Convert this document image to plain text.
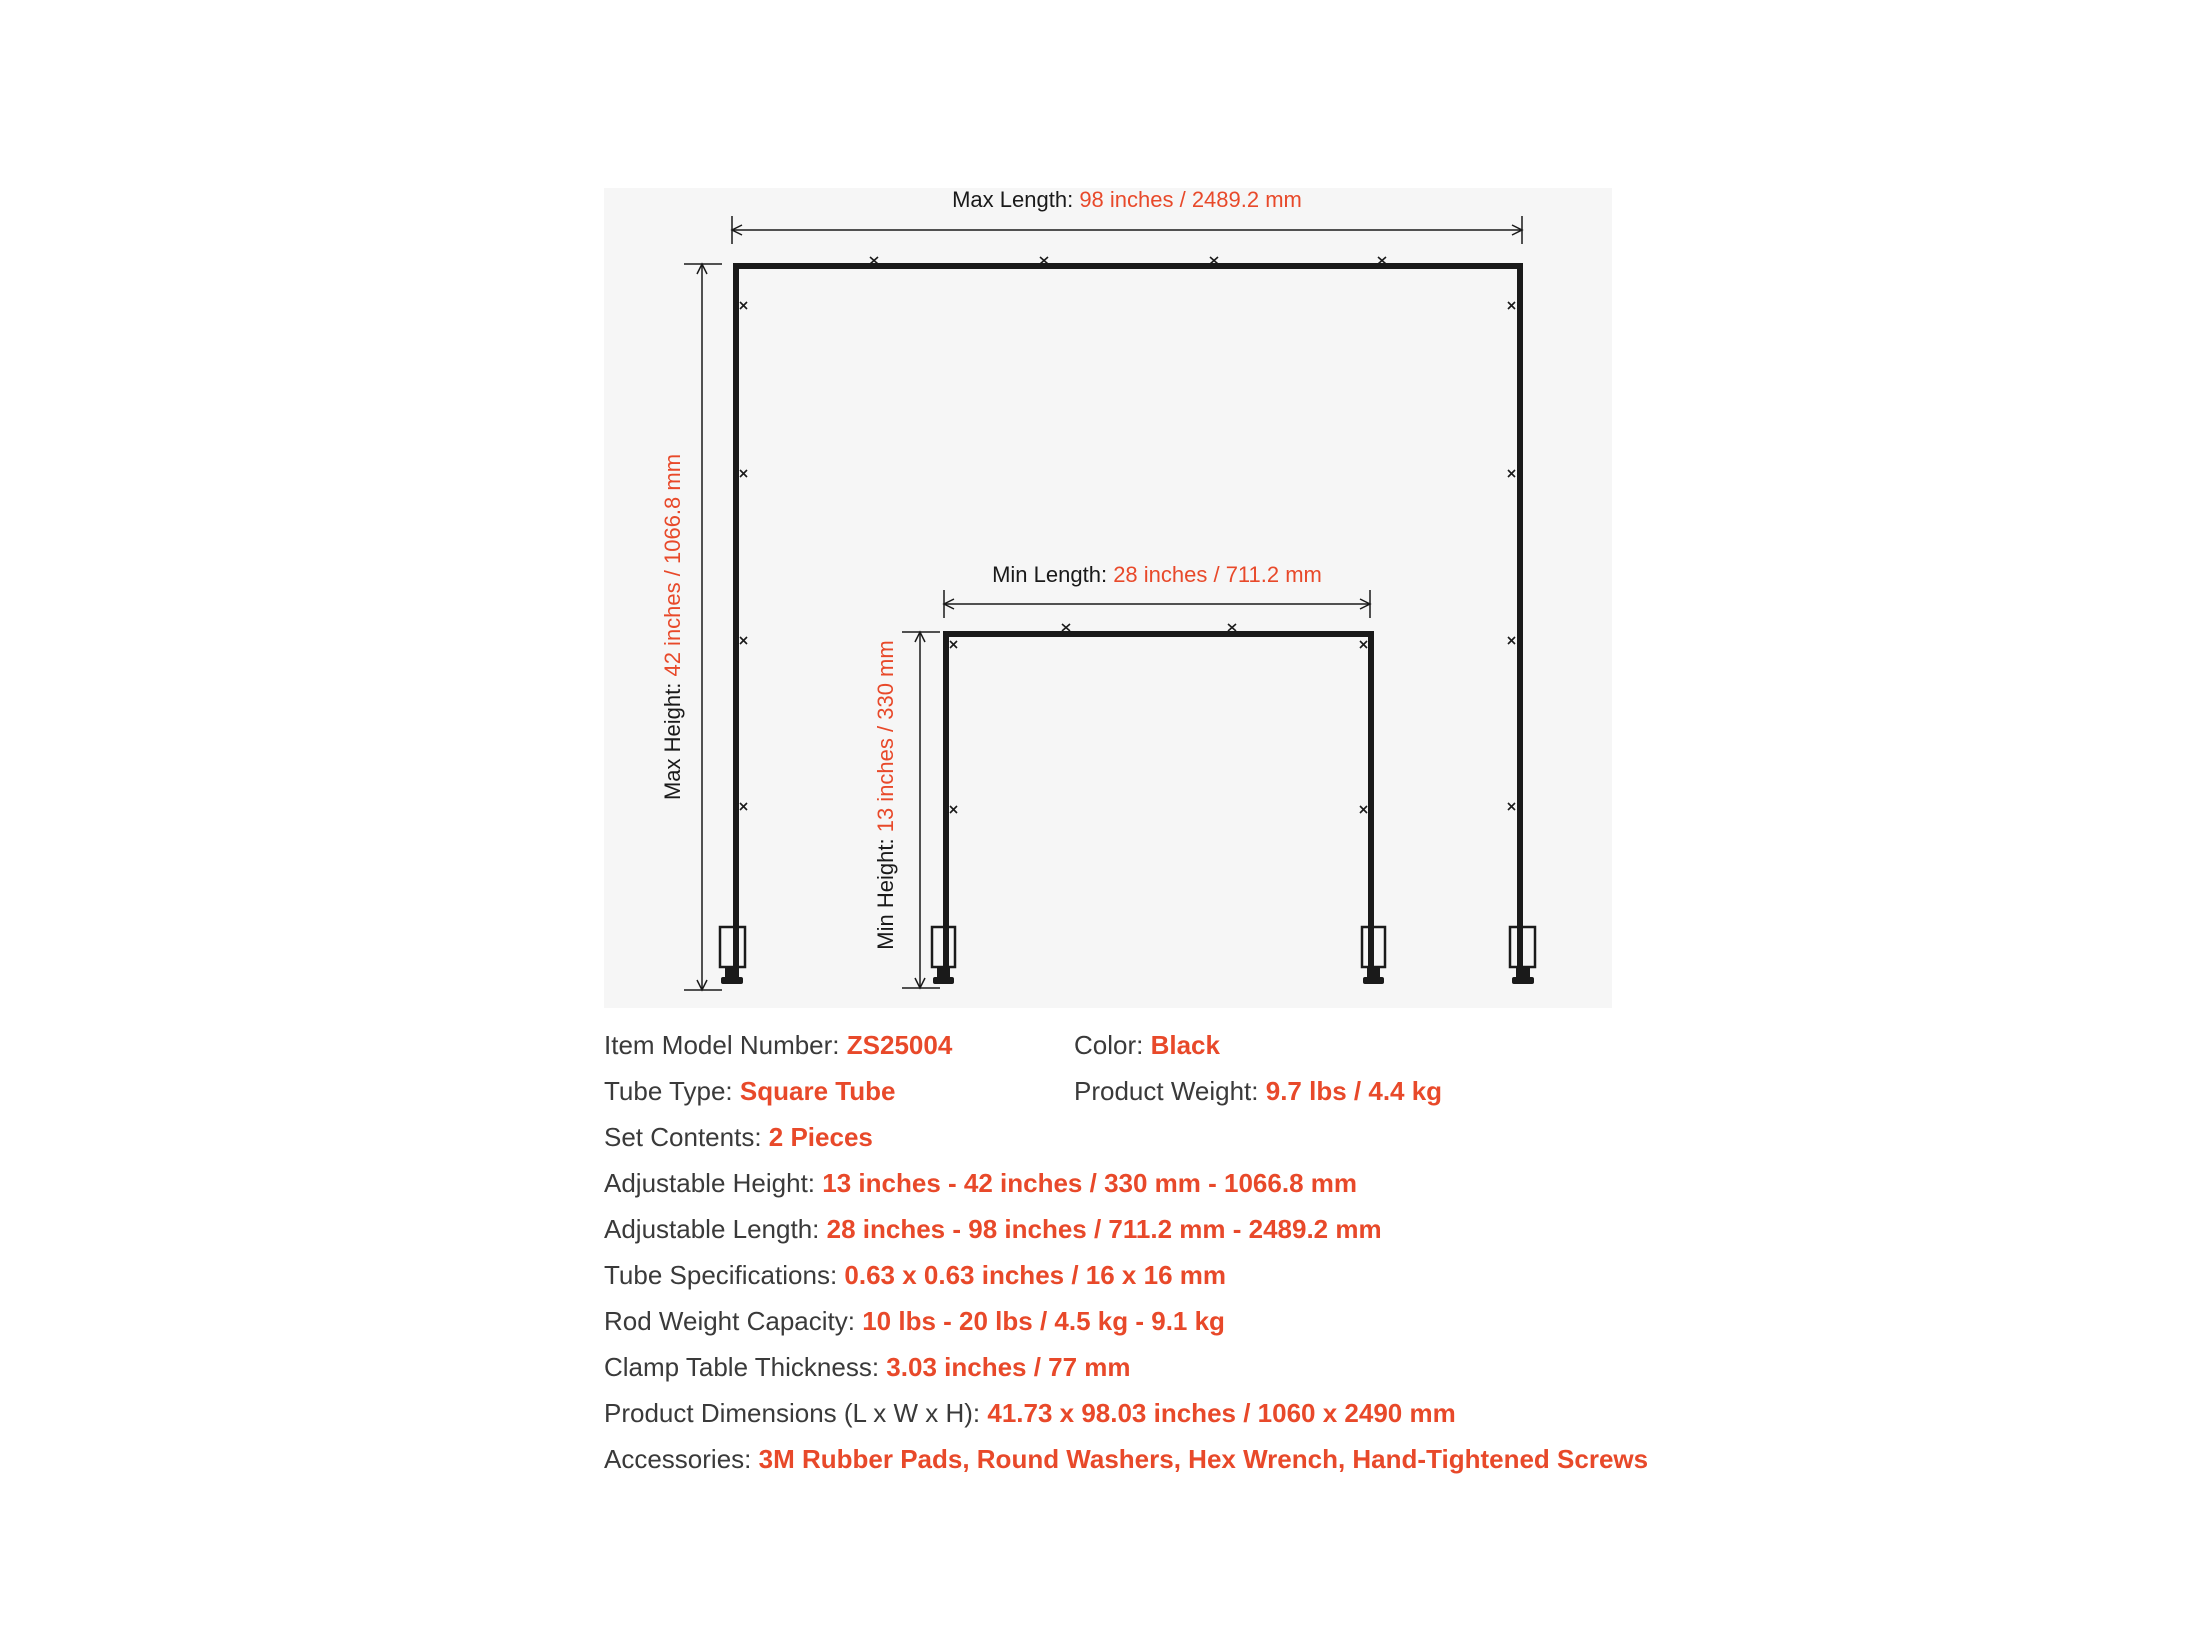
Max Length: 98 inches / 2489.2 mm
Max Height: 42 inches / 1066.8 mm	Min Length: 28 inches / 711.2 mm
Min Height: 13 inches / 330 mm
Item Model Number: ZS25004	Color: Black
Tube Type: Square Tube	Product Weight: 9.7 lbs / 4.4 kg
Set Contents: 2 Pieces
Adjustable Height: 13 inches - 42 inches / 330 mm - 1066.8 mm
Adjustable Length: 28 inches - 98 inches / 711.2 mm - 2489.2 mm
Tube Specifications: 0.63 x 0.63 inches / 16 x 16 mm
Rod Weight Capacity: 10 lbs - 20 lbs / 4.5 kg - 9.1 kg
Clamp Table Thickness: 3.03 inches / 77 mm
Product Dimensions (L x W x H): 41.73 x 98.03 inches / 1060 x 2490 mm
Accessories: 3M Rubber Pads, Round Washers, Hex Wrench, Hand-Tightened Screws
